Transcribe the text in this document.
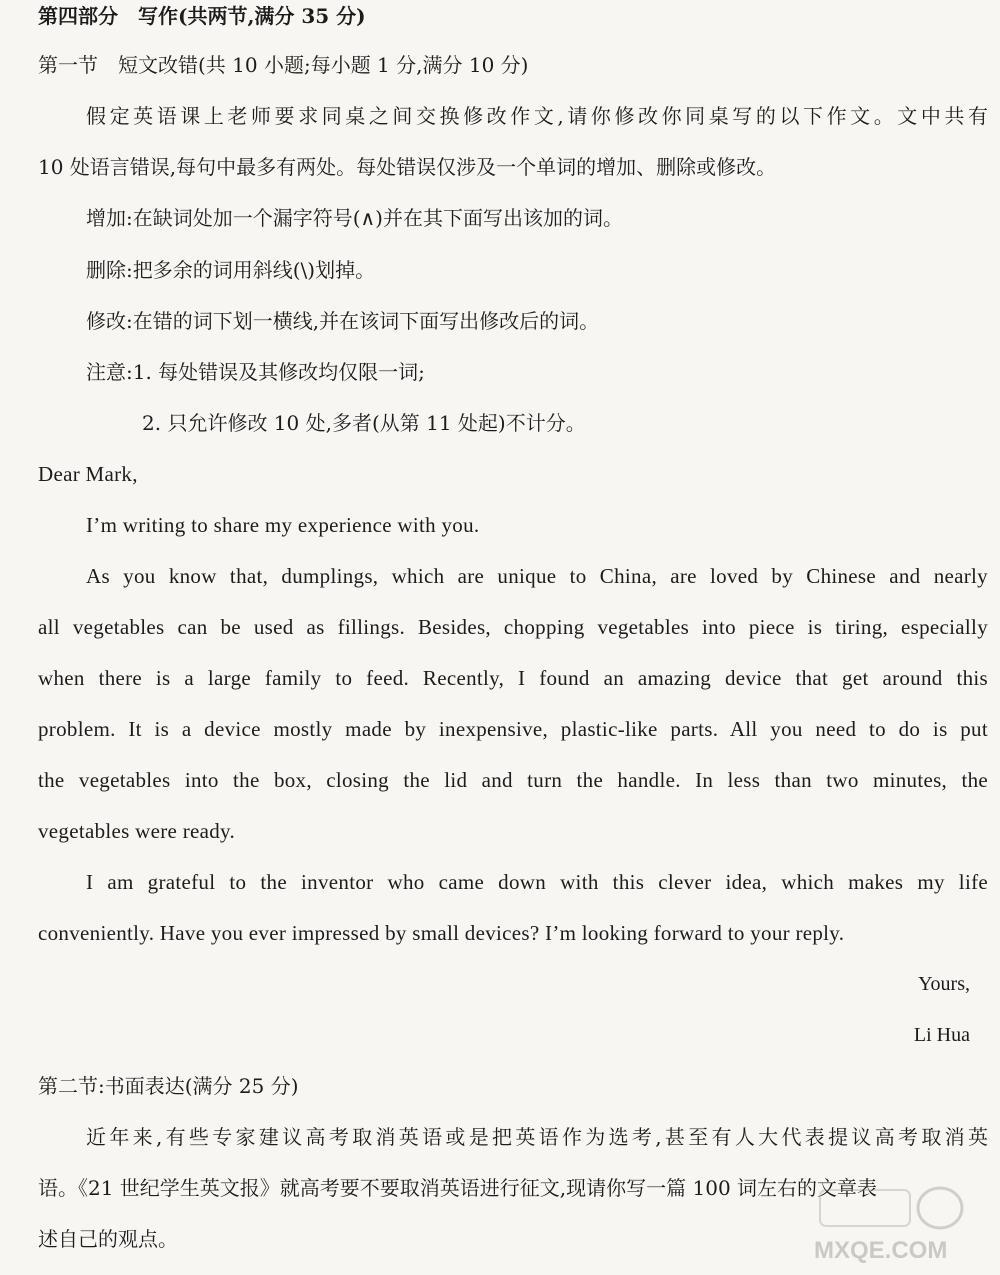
第四部分　写作(共两节,满分 35 分)
第一节　短文改错(共 10 小题;每小题 1 分,满分 10 分)
假定英语课上老师要求同桌之间交换修改作文,请你修改你同桌写的以下作文。文中共有
10 处语言错误,每句中最多有两处。每处错误仅涉及一个单词的增加、删除或修改。
增加:在缺词处加一个漏字符号(∧)并在其下面写出该加的词。
删除:把多余的词用斜线(\)划掉。
修改:在错的词下划一横线,并在该词下面写出修改后的词。
注意:1. 每处错误及其修改均仅限一词;
2. 只允许修改 10 处,多者(从第 11 处起)不计分。
Dear Mark,
I’m writing to share my experience with you.
As you know that, dumplings, which are unique to China, are loved by Chinese and nearly
all vegetables can be used as fillings. Besides, chopping vegetables into piece is tiring, especially
when there is a large family to feed. Recently, I found an amazing device that get around this
problem. It is a device mostly made by inexpensive, plastic-like parts. All you need to do is put
the vegetables into the box, closing the lid and turn the handle. In less than two minutes, the
vegetables were ready.
I am grateful to the inventor who came down with this clever idea, which makes my life
conveniently. Have you ever impressed by small devices? I’m looking forward to your reply.
Yours,
Li Hua
第二节:书面表达(满分 25 分)
近年来,有些专家建议高考取消英语或是把英语作为选考,甚至有人大代表提议高考取消英
语。《21 世纪学生英文报》就高考要不要取消英语进行征文,现请你写一篇 100 词左右的文章表
述自己的观点。	MXQE.COM
